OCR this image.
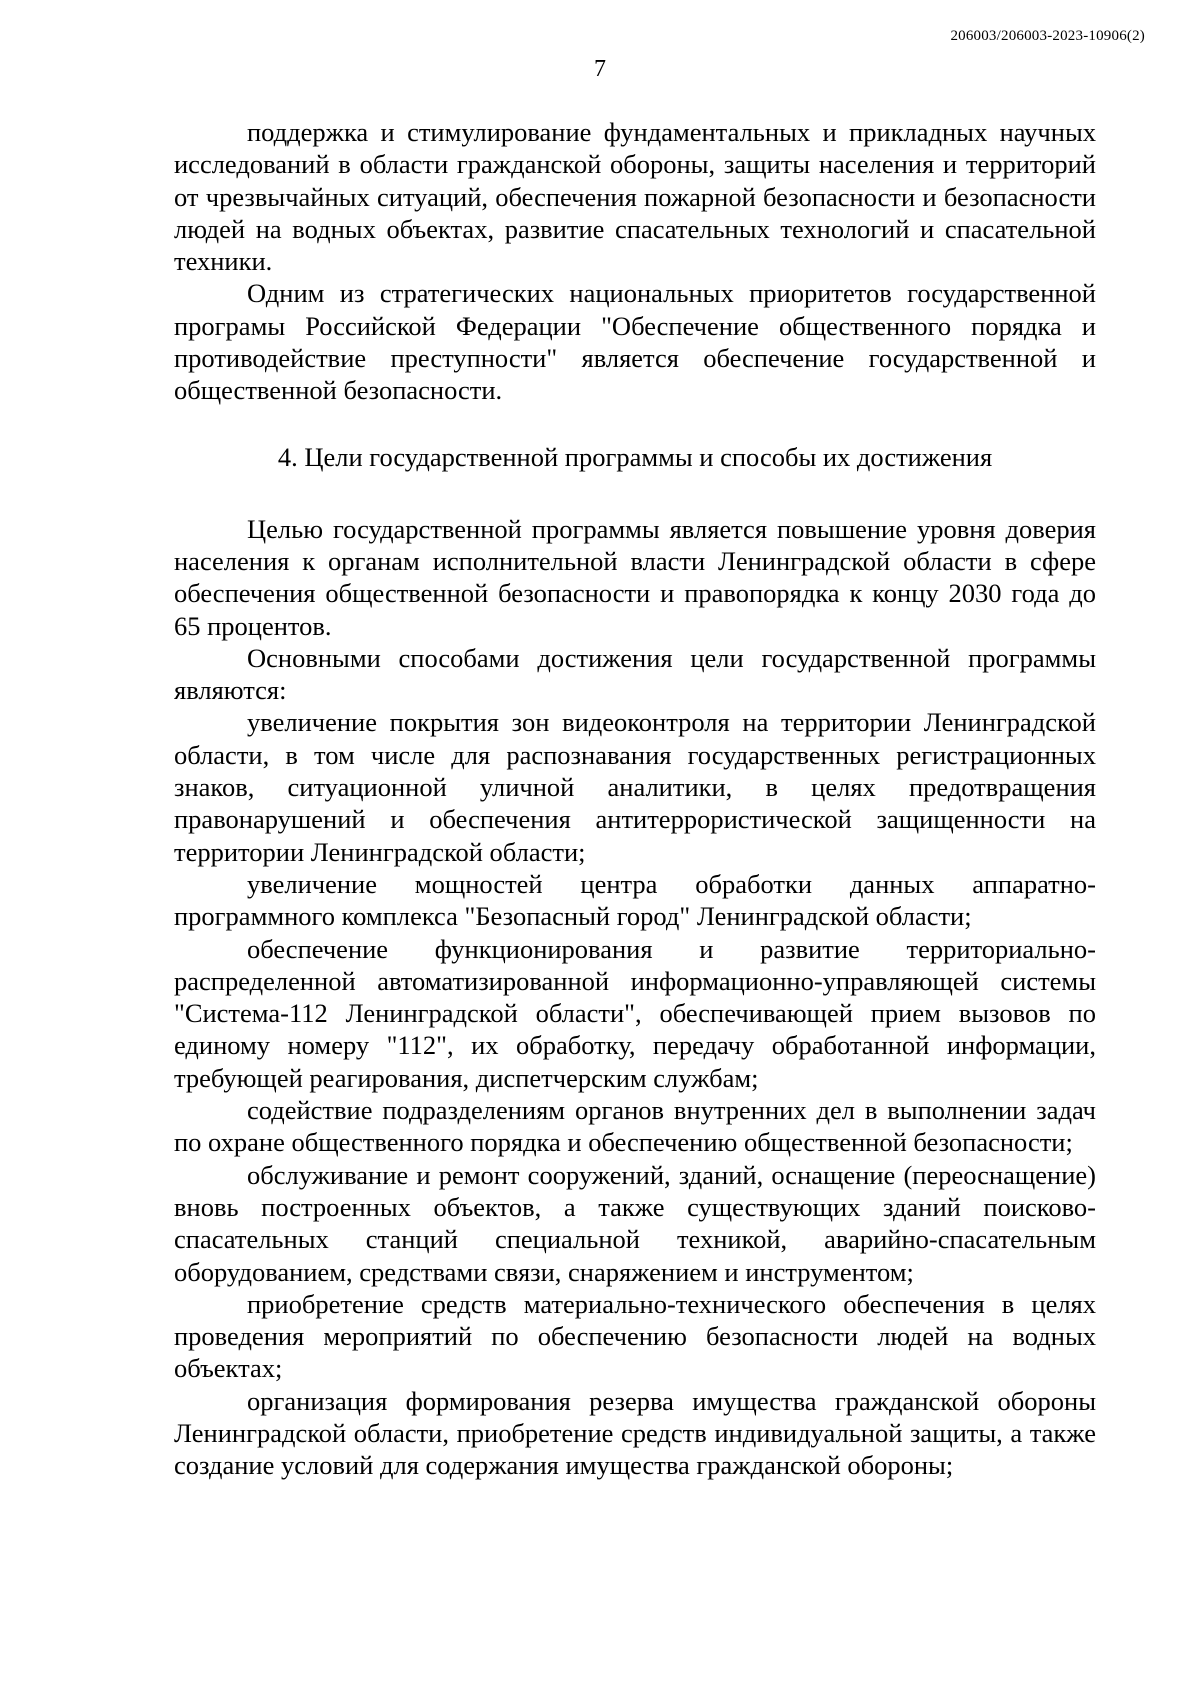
206003/206003-2023-10906(2)
7

поддержка и стимулирование фундаментальных и прикладных научных исследований в области гражданской обороны, защиты населения и территорий от чрезвычайных ситуаций, обеспечения пожарной безопасности и безопасности людей на водных объектах, развитие спасательных технологий и спасательной техники.

Одним из стратегических национальных приоритетов государственной програмы Российской Федерации "Обеспечение общественного порядка и противодействие преступности" является обеспечение государственной и общественной безопасности.

4. Цели государственной программы и способы их достижения

Целью государственной программы является повышение уровня доверия населения к органам исполнительной власти Ленинградской области в сфере обеспечения общественной безопасности и правопорядка к концу 2030 года до 65 процентов.

Основными способами достижения цели государственной программы являются:

увеличение покрытия зон видеоконтроля на территории Ленинградской области, в том числе для распознавания государственных регистрационных знаков, ситуационной уличной аналитики, в целях предотвращения правонарушений и обеспечения антитеррористической защищенности на территории Ленинградской области;

увеличение мощностей центра обработки данных аппаратно-программного комплекса "Безопасный город" Ленинградской области;

обеспечение функционирования и развитие территориально-распределенной автоматизированной информационно-управляющей системы "Система-112 Ленинградской области", обеспечивающей прием вызовов по единому номеру "112", их обработку, передачу обработанной информации, требующей реагирования, диспетчерским службам;

содействие подразделениям органов внутренних дел в выполнении задач по охране общественного порядка и обеспечению общественной безопасности;

обслуживание и ремонт сооружений, зданий, оснащение (переоснащение) вновь построенных объектов, а также существующих зданий поисково-спасательных станций специальной техникой, аварийно-спасательным оборудованием, средствами связи, снаряжением и инструментом;

приобретение средств материально-технического обеспечения в целях проведения мероприятий по обеспечению безопасности людей на водных объектах;

организация формирования резерва имущества гражданской обороны Ленинградской области, приобретение средств индивидуальной защиты, а также создание условий для содержания имущества гражданской обороны;
